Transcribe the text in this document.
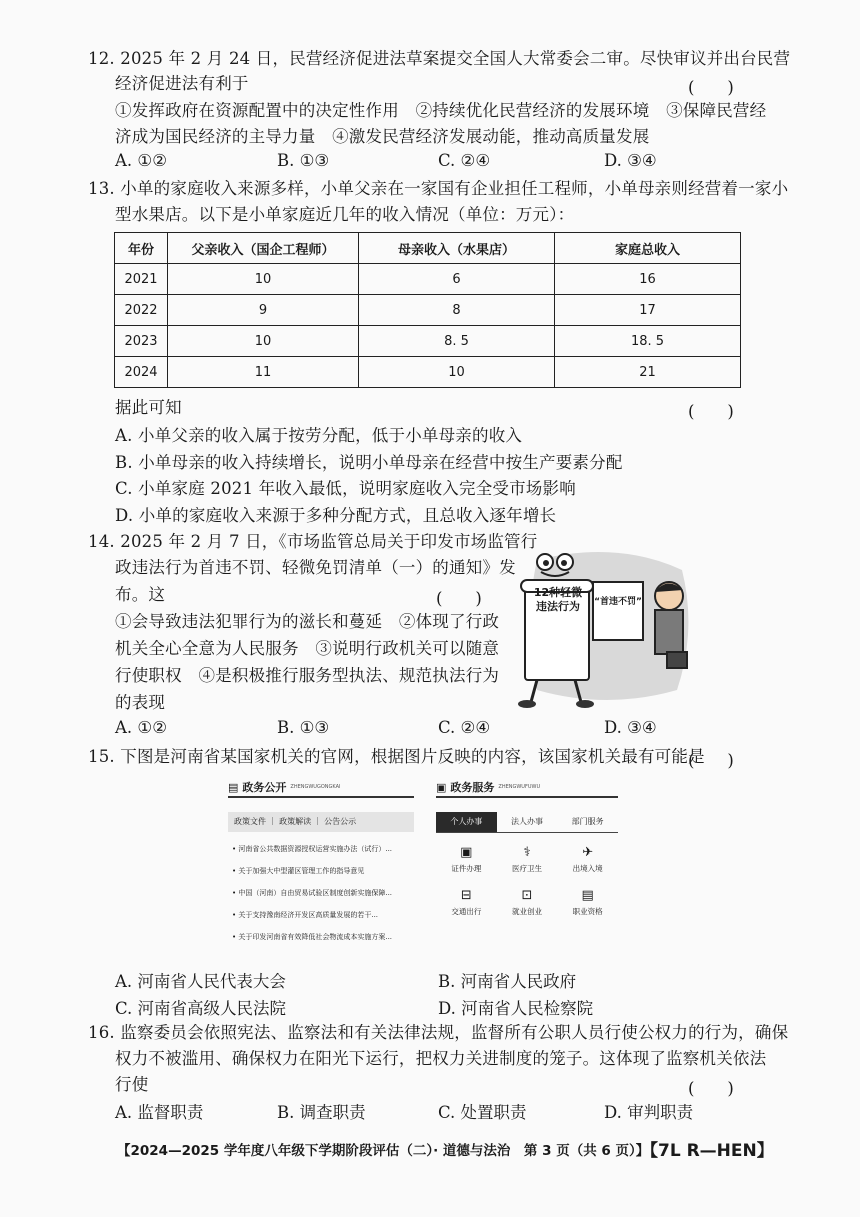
12. 2025 年 2 月 24 日，民营经济促进法草案提交全国人大常委会二审。尽快审议并出台民营
经济促进法有利于	(　　)
①发挥政府在资源配置中的决定性作用　②持续优化民营经济的发展环境　③保障民营经
济成为国民经济的主导力量　④激发民营经济发展动能，推动高质量发展
A. ①②	B. ①③	C. ②④	D. ③④
13. 小单的家庭收入来源多样，小单父亲在一家国有企业担任工程师，小单母亲则经营着一家小
型水果店。以下是小单家庭近几年的收入情况（单位：万元）：
年份	父亲收入（国企工程师）	母亲收入（水果店）	家庭总收入
2021	10	6	16
2022	9	8	17
2023	10	8. 5	18. 5
2024	11	10	21
据此可知	(　　)
A. 小单父亲的收入属于按劳分配，低于小单母亲的收入
B. 小单母亲的收入持续增长，说明小单母亲在经营中按生产要素分配
C. 小单家庭 2021 年收入最低，说明家庭收入完全受市场影响
D. 小单的家庭收入来源于多种分配方式，且总收入逐年增长
14. 2025 年 2 月 7 日，《市场监管总局关于印发市场监管行
政违法行为首违不罚、轻微免罚清单（一）的通知》发
布。这	(　　)
①会导致违法犯罪行为的滋长和蔓延　②体现了行政
机关全心全意为人民服务　③说明行政机关可以随意
行使职权　④是积极推行服务型执法、规范执法行为
的表现
12种轻微违法行为	“首违不罚”
A. ①②	B. ①③	C. ②④	D. ③④
15. 下图是河南省某国家机关的官网，根据图片反映的内容，该国家机关最有可能是
(　　)
▤ 政务公开 ZHENGWUGONGKAI
政策文件 ｜ 政策解读 ｜ 公告公示
• 河南省公共数据资源授权运营实施办法（试行）...
• 关于加强大中型灌区管理工作的指导意见
• 中国（河南）自由贸易试验区制度创新实施保障...
• 关于支持豫南经济开发区高质量发展的若干...
• 关于印发河南省有效降低社会物流成本实施方案...
▣ 政务服务 ZHENGWUFUWU
个人办事	法人办事	部门服务
▣
证件办理
⚕
医疗卫生
✈
出境入境
⊟
交通出行
⊡
就业创业
▤
职业资格
A. 河南省人民代表大会	B. 河南省人民政府
C. 河南省高级人民法院	D. 河南省人民检察院
16. 监察委员会依照宪法、监察法和有关法律法规，监督所有公职人员行使公权力的行为，确保
权力不被滥用、确保权力在阳光下运行，把权力关进制度的笼子。这体现了监察机关依法
行使	(　　)
A. 监督职责	B. 调查职责	C. 处置职责	D. 审判职责
【2024—2025 学年度八年级下学期阶段评估（二）· 道德与法治　第 3 页（共 6 页）】
【7L R—HEN】
